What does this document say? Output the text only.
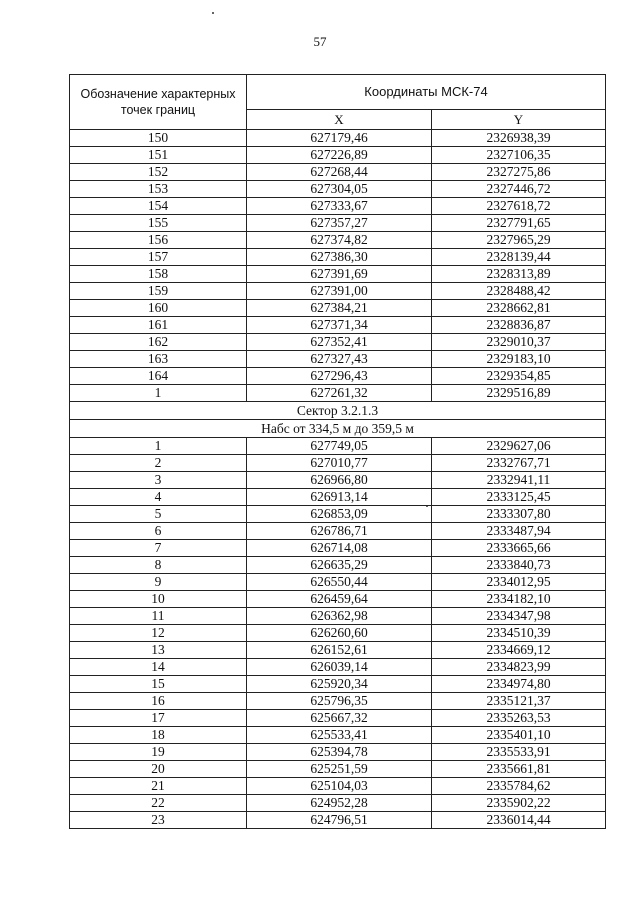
57
Обозначение характерных точек границ	Координаты МСК-74	
	X	Y
150	627179,46	2326938,39
151	627226,89	2327106,35
152	627268,44	2327275,86
153	627304,05	2327446,72
154	627333,67	2327618,72
155	627357,27	2327791,65
156	627374,82	2327965,29
157	627386,30	2328139,44
158	627391,69	2328313,89
159	627391,00	2328488,42
160	627384,21	2328662,81
161	627371,34	2328836,87
162	627352,41	2329010,37
163	627327,43	2329183,10
164	627296,43	2329354,85
1	627261,32	2329516,89
Сектор 3.2.1.3		
Набс от 334,5 м до 359,5 м		
1	627749,05	2329627,06
2	627010,77	2332767,71
3	626966,80	2332941,11
4	626913,14	2333125,45
5	626853,09	2333307,80
6	626786,71	2333487,94
7	626714,08	2333665,66
8	626635,29	2333840,73
9	626550,44	2334012,95
10	626459,64	2334182,10
11	626362,98	2334347,98
12	626260,60	2334510,39
13	626152,61	2334669,12
14	626039,14	2334823,99
15	625920,34	2334974,80
16	625796,35	2335121,37
17	625667,32	2335263,53
18	625533,41	2335401,10
19	625394,78	2335533,91
20	625251,59	2335661,81
21	625104,03	2335784,62
22	624952,28	2335902,22
23	624796,51	2336014,44
